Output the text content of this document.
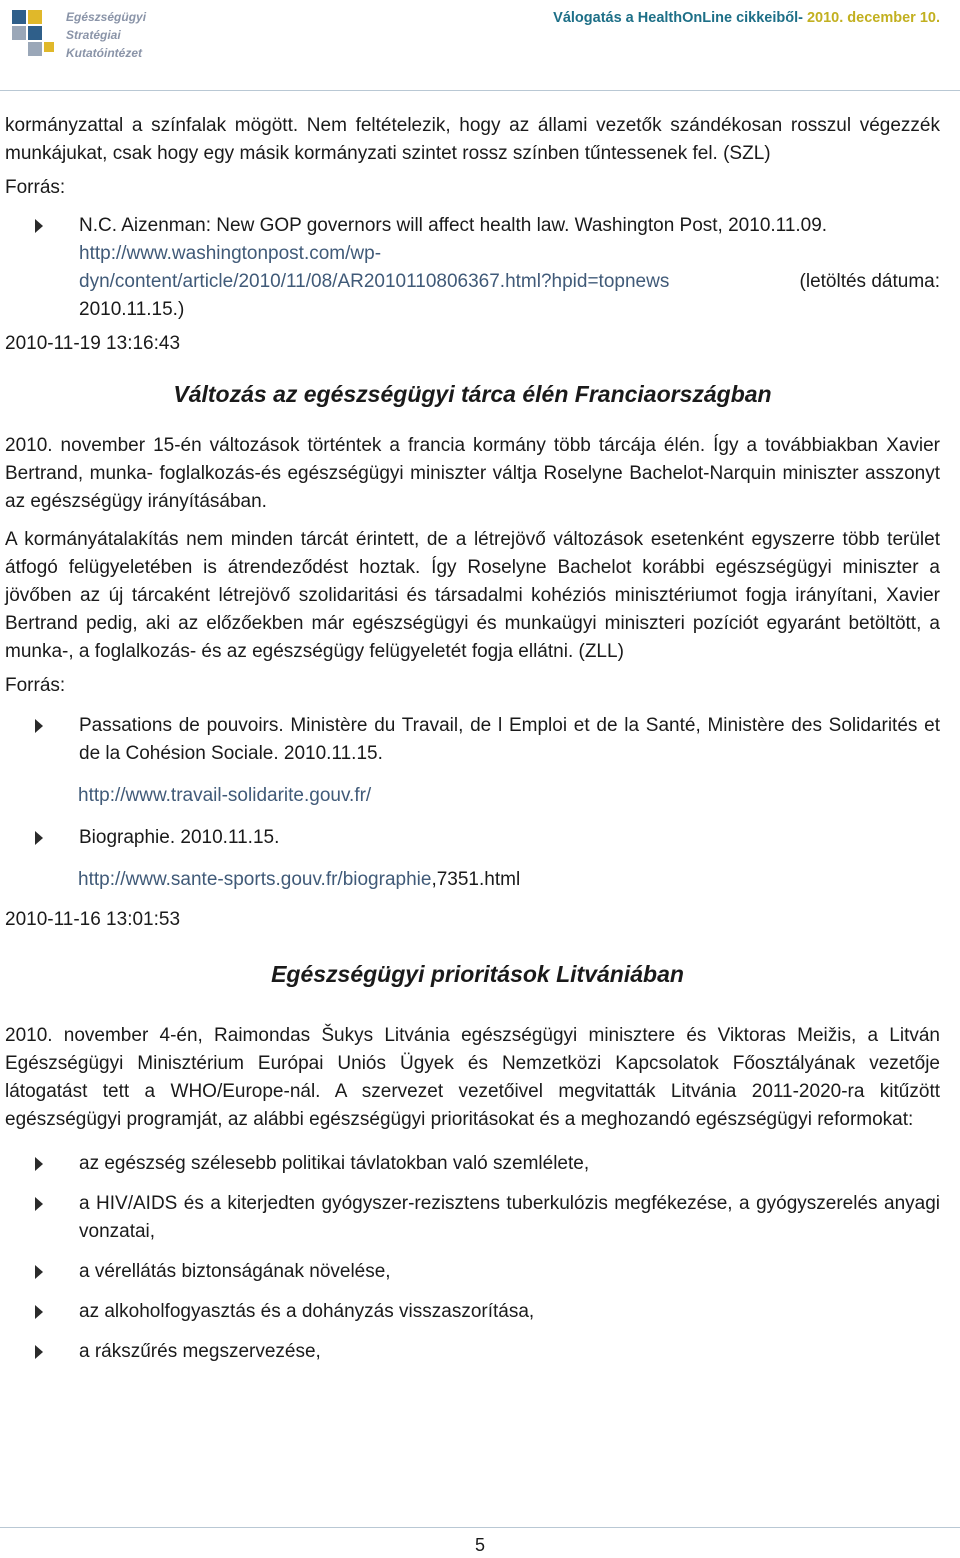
Egészségügyi
Stratégiai
Kutatóintézet
Válogatás a HealthOnLine cikkeiből- 2010. december 10.

kormányzattal a színfalak mögött. Nem feltételezik, hogy az állami vezetők szándékosan rosszul végezzék munkájukat, csak hogy egy másik kormányzati szintet rossz színben tűntessenek fel. (SZL)

Forrás:

N.C. Aizenman: New GOP governors will affect health law. Washington Post, 2010.11.09.
http://www.washingtonpost.com/wp-
dyn/content/article/2010/11/08/AR2010110806367.html?hpid=topnews	(letöltés dátuma:
2010.11.15.)

2010-11-19 13:16:43

Változás az egészségügyi tárca élén Franciaországban

2010. november 15-én változások történtek a francia kormány több tárcája élén. Így a továbbiakban Xavier Bertrand, munka- foglalkozás-és egészségügyi miniszter váltja Roselyne Bachelot-Narquin miniszter asszonyt az egészségügy irányításában.

A kormányátalakítás nem minden tárcát érintett, de a létrejövő változások esetenként egyszerre több terület átfogó felügyeletében is átrendeződést hoztak. Így Roselyne Bachelot korábbi egészségügyi miniszter a jövőben az új tárcaként létrejövő szolidaritási és társadalmi kohéziós minisztériumot fogja irányítani, Xavier Bertrand pedig, aki az előzőekben már egészségügyi és munkaügyi miniszteri pozíciót egyaránt betöltött, a munka-, a foglalkozás- és az egészségügy felügyeletét fogja ellátni. (ZLL)

Forrás:

Passations de pouvoirs. Ministère du Travail, de l Emploi et de la Santé, Ministère des Solidarités et de la Cohésion Sociale. 2010.11.15.

http://www.travail-solidarite.gouv.fr/

Biographie. 2010.11.15.

http://www.sante-sports.gouv.fr/biographie,7351.html

2010-11-16 13:01:53

Egészségügyi prioritások Litvániában

2010. november 4-én, Raimondas Šukys Litvánia egészségügyi minisztere és Viktoras Meižis, a Litván Egészségügyi Minisztérium Európai Uniós Ügyek és Nemzetközi Kapcsolatok Főosztályának vezetője látogatást tett a WHO/Europe-nál. A szervezet vezetőivel megvitatták Litvánia 2011-2020-ra kitűzött egészségügyi programját, az alábbi egészségügyi prioritásokat és a meghozandó egészségügyi reformokat:

az egészség szélesebb politikai távlatokban való szemlélete,
a HIV/AIDS és a kiterjedten gyógyszer-rezisztens tuberkulózis megfékezése, a gyógyszerelés anyagi vonzatai,
a vérellátás biztonságának növelése,
az alkoholfogyasztás és a dohányzás visszaszorítása,
a rákszűrés megszervezése,
5
